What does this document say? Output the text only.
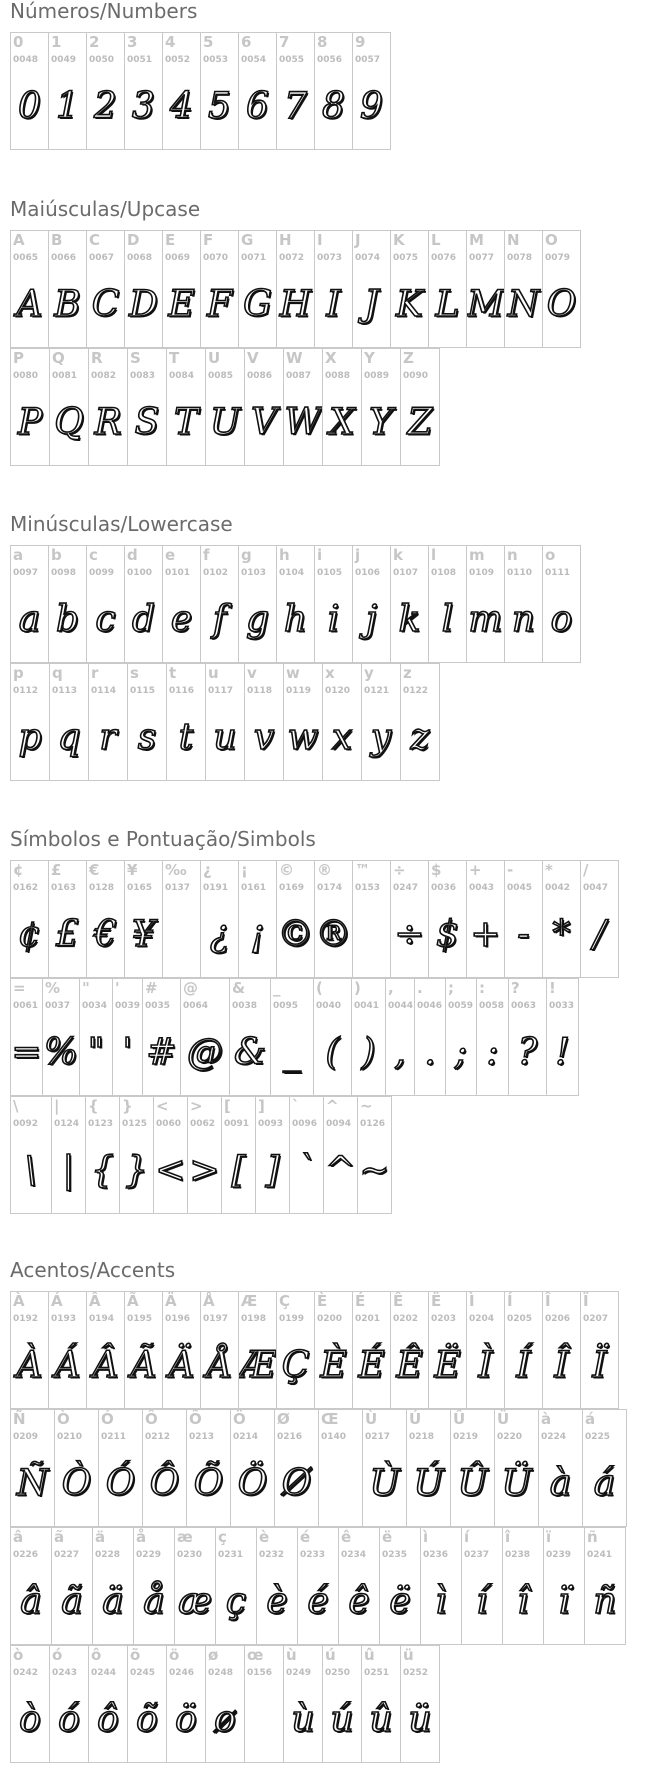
Números/Numbers
0
0048
0
1
0049
1
2
0050
2
3
0051
3
4
0052
4
5
0053
5
6
0054
6
7
0055
7
8
0056
8
9
0057
9
Maiúsculas/Upcase
A
0065
A
B
0066
B
C
0067
C
D
0068
D
E
0069
E
F
0070
F
G
0071
G
H
0072
H
I
0073
I
J
0074
J
K
0075
K
L
0076
L
M
0077
M
N
0078
N
O
0079
O
P
0080
P
Q
0081
Q
R
0082
R
S
0083
S
T
0084
T
U
0085
U
V
0086
V
W
0087
W
X
0088
X
Y
0089
Y
Z
0090
Z
Minúsculas/Lowercase
a
0097
a
b
0098
b
c
0099
c
d
0100
d
e
0101
e
f
0102
f
g
0103
g
h
0104
h
i
0105
i
j
0106
j
k
0107
k
l
0108
l
m
0109
m
n
0110
n
o
0111
o
p
0112
p
q
0113
q
r
0114
r
s
0115
s
t
0116
t
u
0117
u
v
0118
v
w
0119
w
x
0120
x
y
0121
y
z
0122
z
Símbolos e Pontuação/Simbols
¢
0162
¢
£
0163
£
€
0128
€
¥
0165
¥
‰
0137
¿
0191
¿
¡
0161
¡
©
0169
©
®
0174
®
™
0153
÷
0247
÷
$
0036
$
+
0043
+
-
0045
-
*
0042
*
/
0047
/
=
0061
=
%
0037
%
"
0034
"
'
0039
'
#
0035
#
@
0064
@
&
0038
&
_
0095
_
(
0040
(
)
0041
)
,
0044
,
.
0046
.
;
0059
;
:
0058
:
?
0063
?
!
0033
!
\
0092
\
|
0124
|
{
0123
{
}
0125
}
<
0060
<
>
0062
>
[
0091
[
]
0093
]
`
0096
`
^
0094
^
~
0126
~
Acentos/Accents
À
0192
À
Á
0193
Á
Â
0194
Â
Ã
0195
Ã
Ä
0196
Ä
Å
0197
Å
Æ
0198
Æ
Ç
0199
Ç
È
0200
È
É
0201
É
Ê
0202
Ê
Ë
0203
Ë
Ì
0204
Ì
Í
0205
Í
Î
0206
Î
Ï
0207
Ï
Ñ
0209
Ñ
Ò
0210
Ò
Ó
0211
Ó
Ô
0212
Ô
Õ
0213
Õ
Ö
0214
Ö
Ø
0216
Ø
Œ
0140
Ù
0217
Ù
Ú
0218
Ú
Û
0219
Û
Ü
0220
Ü
à
0224
à
á
0225
á
â
0226
â
ã
0227
ã
ä
0228
ä
å
0229
å
æ
0230
æ
ç
0231
ç
è
0232
è
é
0233
é
ê
0234
ê
ë
0235
ë
ì
0236
ì
í
0237
í
î
0238
î
ï
0239
ï
ñ
0241
ñ
ò
0242
ò
ó
0243
ó
ô
0244
ô
õ
0245
õ
ö
0246
ö
ø
0248
ø
œ
0156
ù
0249
ù
ú
0250
ú
û
0251
û
ü
0252
ü
